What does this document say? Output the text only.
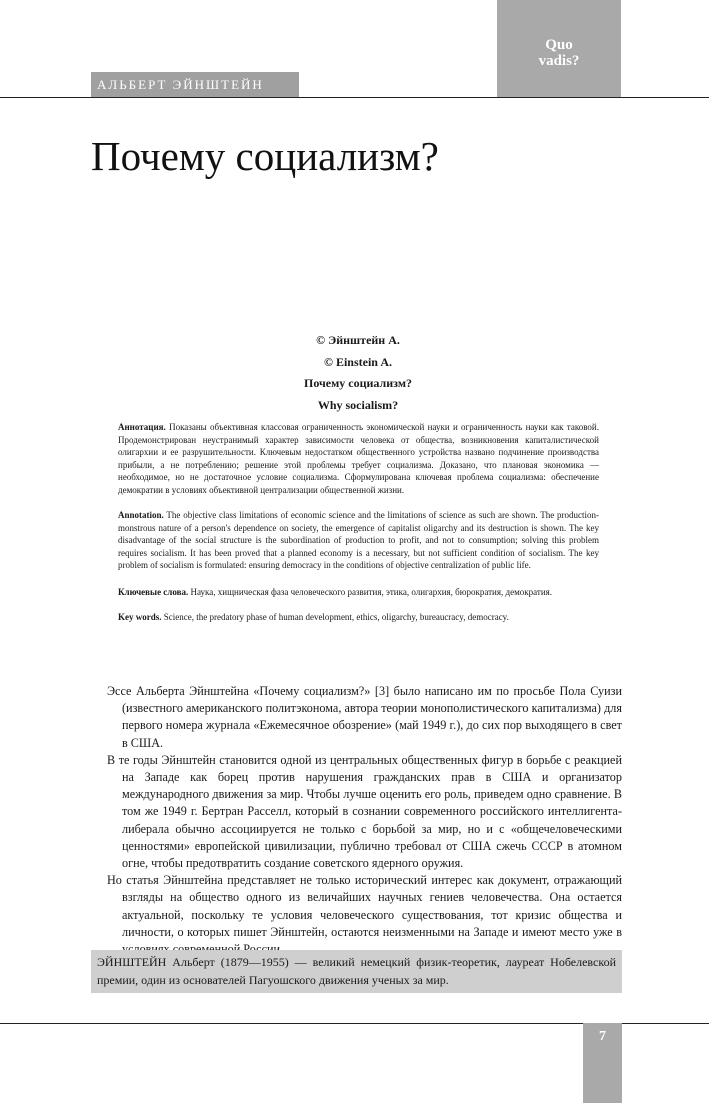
Quo
vadis?
АЛЬБЕРТ ЭЙНШТЕЙН
Почему социализм?
© Эйнштейн А.
© Einstein A.
Почему социализм?
Why socialism?

Аннотация. Показаны объективная классовая ограниченность экономической науки и ограниченность науки как таковой. Продемонстрирован неустранимый характер зависимости человека от общества, возникновения капиталистической олигархии и ее разрушительности. Ключевым недостатком общественного устройства названо подчинение производства прибыли, а не потреблению; решение этой проблемы требует социализма. Доказано, что плановая экономика — необходимое, но не достаточное условие социализма. Сформулирована ключевая проблема социализма: обеспечение демократии в условиях объективной централизации общественной жизни.

Annotation. The objective class limitations of economic science and the limitations of science as such are shown. The production-monstrous nature of a person's dependence on society, the emergence of capitalist oligarchy and its destruction is shown. The key disadvantage of the social structure is the subordination of production to profit, and not to consumption; solving this problem requires socialism. It has been proved that a planned economy is a necessary, but not sufficient condition of socialism. The key problem of socialism is formulated: ensuring democracy in the conditions of objective centralization of public life.

Ключевые слова. Наука, хищническая фаза человеческого развития, этика, олигархия, бюрократия, демократия.

Key words. Science, the predatory phase of human development, ethics, oligarchy, bureaucracy, democracy.

Эссе Альберта Эйнштейна «Почему социализм?» [3] было написано им по просьбе Пола Суизи (известного американского политэконома, автора теории монополистического капитализма) для первого номера журнала «Ежемесячное обозрение» (май 1949 г.), до сих пор выходящего в свет в США.

В те годы Эйнштейн становится одной из центральных общественных фигур в борьбе с реакцией на Западе как борец против нарушения гражданских прав в США и организатор международного движения за мир. Чтобы лучше оценить его роль, приведем одно сравнение. В том же 1949 г. Бертран Расселл, который в сознании современного российского интеллигента-либерала обычно ассоциируется не только с борьбой за мир, но и с «общечеловеческими ценностями» европейской цивилизации, публично требовал от США сжечь СССР в атомном огне, чтобы предотвратить создание советского ядерного оружия.

Но статья Эйнштейна представляет не только исторический интерес как документ, отражающий взгляды на общество одного из величайших научных гениев человечества. Она остается актуальной, поскольку те условия человеческого существования, тот кризис общества и личности, о которых пишет Эйнштейн, остаются неизменными на Западе и имеют место уже в

ЭЙНШТЕЙН Альберт (1879—1955) — великий немецкий физик-теоретик, лауреат Нобелевской премии, один из основателей Пагуошского движения ученых за мир.
7
